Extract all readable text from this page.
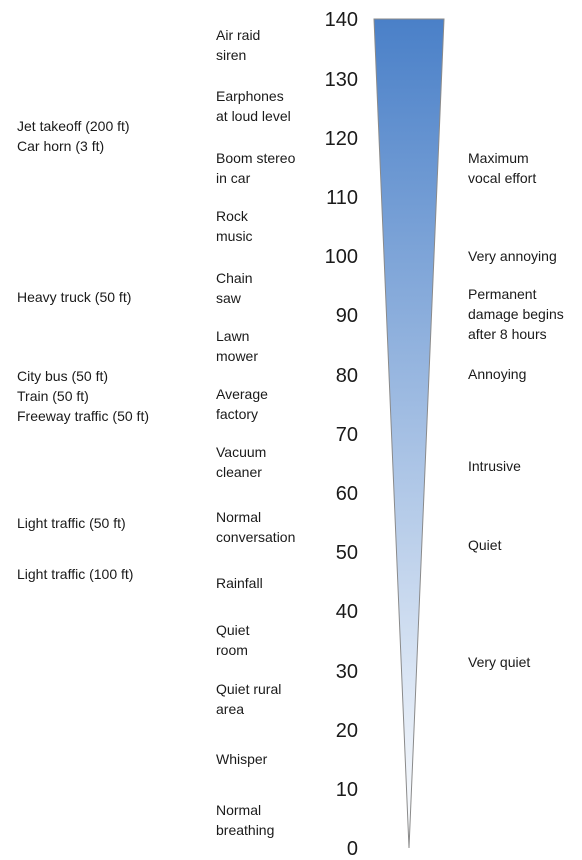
140
130
120
110
100
90
80
70
60
50
40
30
20
10
0
Air raid
siren
Earphones
at loud level
Boom stereo
in car
Rock
music
Chain
saw
Lawn
mower
Average
factory
Vacuum
cleaner
Normal
conversation
Rainfall
Quiet
room
Quiet rural
area
Whisper
Normal
breathing
Jet takeoff (200 ft)
Car horn (3 ft)
Heavy truck (50 ft)
City bus (50 ft)
Train (50 ft)
Freeway traffic (50 ft)
Light traffic (50 ft)
Light traffic (100 ft)
Maximum
vocal effort
Very annoying
Permanent
damage begins
after 8 hours
Annoying
Intrusive
Quiet
Very quiet
